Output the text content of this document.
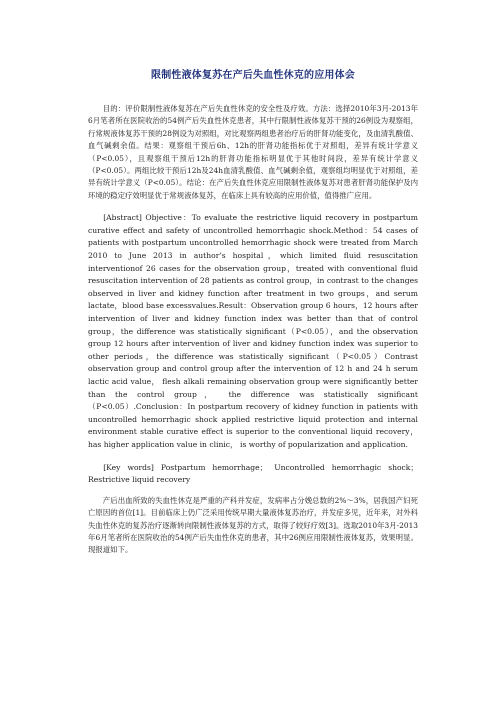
限制性液体复苏在产后失血性休克的应用体会

目的：评价限制性液体复苏在产后失血性休克的安全性及疗效。方法：选择2010年3月-2013年6月笔者所在医院收治的54例产后失血性休克患者，其中行限制性液体复苏干预的26例设为观察组，行常规液体复苏干预的28例设为对照组，对比观察两组患者治疗后的肝肾功能变化，及血清乳酸值、血气碱剩余值。结果：观察组干预后6h、12h的肝肾功能指标优于对照组，差异有统计学意义（P<0.05），且观察组干预后12h的肝肾功能指标明显优于其他时间段，差异有统计学意义（P<0.05）。两组比较干预后12h及24h血清乳酸值、血气碱剩余值，观察组均明显优于对照组，差异有统计学意义（P<0.05）。结论：在产后失血性休克应用限制性液体复苏对患者肝肾功能保护及内环境的稳定疗效明显优于常规液体复苏，在临床上具有较高的应用价值，值得推广应用。

[Abstract] Objective：To evaluate the restrictive liquid recovery in postpartum curative effect and safety of uncontrolled hemorrhagic shock.Method：54 cases of patients with postpartum uncontrolled hemorrhagic shock were treated from March 2010 to June 2013 in author’s hospital，which limited fluid resuscitation interventionof 26 cases for the observation group，treated with conventional fluid resuscitation intervention of 28 patients as control group，in contrast to the changes observed in liver and kidney function after treatment in two groups，and serum lactate，blood base excessvalues.Result：Observation group 6 hours，12 hours after intervention of liver and kidney function index was better than that of control group，the difference was statistically significant（P<0.05），and the observation group 12 hours after intervention of liver and kidney function index was superior to other periods，the difference was statistically significant（P<0.05）Contrast observation group and control group after the intervention of 12 h and 24 h serum lactic acid value， flesh alkali remaining observation group were significantly better than the control group， the difference was statistically significant（P<0.05）.Conclusion：In postpartum recovery of kidney function in patients with uncontrolled hemorrhagic shock applied restrictive liquid protection and internal environment stable curative effect is superior to the conventional liquid recovery， has higher application value in clinic， is worthy of popularization and application.

[Key words] Postpartum hemorrhage； Uncontrolled hemorrhagic shock；Restrictive liquid recovery

产后出血所致的失血性休克是严重的产科并发症，发病率占分娩总数的2%～3%，居我国产妇死亡原因的首位[1]。目前临床上仍广泛采用传统早期大量液体复苏治疗，并发症多见，近年来，对外科失血性休克的复苏治疗逐渐转向限制性液体复苏的方式，取得了较好疗效[3]。选取2010年3月-2013年6月笔者所在医院收治的54例产后失血性休克的患者，其中26例应用限制性液体复苏，效果明显。现报道如下。
